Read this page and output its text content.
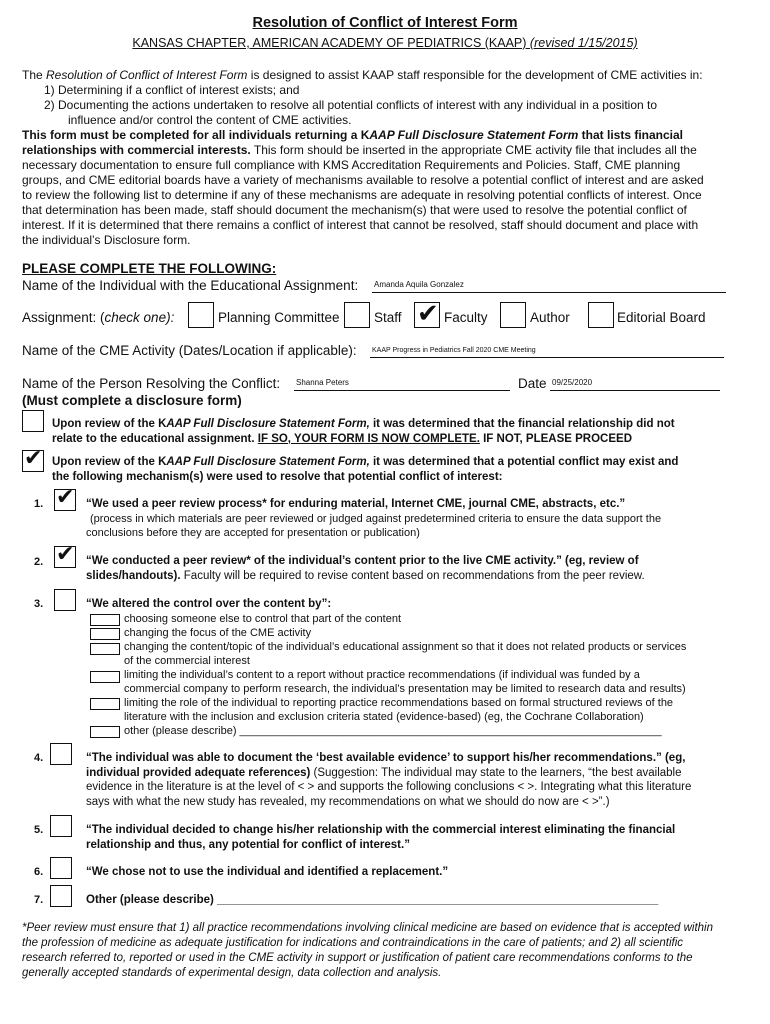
Resolution of Conflict of Interest Form
KANSAS CHAPTER, AMERICAN ACADEMY OF PEDIATRICS (KAAP) (revised 1/15/2015)
The Resolution of Conflict of Interest Form is designed to assist KAAP staff responsible for the development of CME activities in:
1) Determining if a conflict of interest exists; and
2) Documenting the actions undertaken to resolve all potential conflicts of interest with any individual in a position to
influence and/or control the content of CME activities.
This form must be completed for all individuals returning a KAAP Full Disclosure Statement Form that lists financial
relationships with commercial interests. This form should be inserted in the appropriate CME activity file that includes all the
necessary documentation to ensure full compliance with KMS Accreditation Requirements and Policies. Staff, CME planning
groups, and CME editorial boards have a variety of mechanisms available to resolve a potential conflict of interest and are asked
to review the following list to determine if any of these mechanisms are adequate in resolving potential conflicts of interest. Once
that determination has been made, staff should document the mechanism(s) that were used to resolve the potential conflict of
interest. If it is determined that there remains a conflict of interest that cannot be resolved, staff should document and place with
the individual’s Disclosure form.
PLEASE COMPLETE THE FOLLOWING:
Name of the Individual with the Educational Assignment: Amanda Aquila Gonzalez
Assignment: (check one):	Planning Committee	Staff ✔ Faculty	Author	Editorial Board
Name of the CME Activity (Dates/Location if applicable): KAAP Progress in Pediatrics Fall 2020 CME Meeting
Name of the Person Resolving the Conflict: Shanna Peters	Date 09/25/2020
(Must complete a disclosure form)
Upon review of the KAAP Full Disclosure Statement Form, it was determined that the financial relationship did not
relate to the educational assignment. IF SO, YOUR FORM IS NOW COMPLETE. IF NOT, PLEASE PROCEED
✔ Upon review of the KAAP Full Disclosure Statement Form, it was determined that a potential conflict may exist and
the following mechanism(s) were used to resolve that potential conflict of interest:
1. ✔ “We used a peer review process* for enduring material, Internet CME, journal CME, abstracts, etc.”
(process in which materials are peer reviewed or judged against predetermined criteria to ensure the data support the
conclusions before they are accepted for presentation or publication)
2. ✔ “We conducted a peer review* of the individual’s content prior to the live CME activity.” (eg, review of
slides/handouts). Faculty will be required to revise content based on recommendations from the peer review.
3.	“We altered the control over the content by”:
choosing someone else to control that part of the content
changing the focus of the CME activity
changing the content/topic of the individual’s educational assignment so that it does not related products or services
of the commercial interest
limiting the individual’s content to a report without practice recommendations (if individual was funded by a
commercial company to perform research, the individual’s presentation may be limited to research data and results)
limiting the role of the individual to reporting practice recommendations based on formal structured reviews of the
literature with the inclusion and exclusion criteria stated (evidence-based) (eg, the Cochrane Collaboration)
other (please describe) _____________________________________________________________________
4.	“The individual was able to document the ‘best available evidence’ to support his/her recommendations.” (eg,
individual provided adequate references) (Suggestion: The individual may state to the learners, “the best available
evidence in the literature is at the level of < > and supports the following conclusions < >. Integrating what this literature
says with what the new study has revealed, my recommendations on what we should do now are < >”.)
5.	“The individual decided to change his/her relationship with the commercial interest eliminating the financial
relationship and thus, any potential for conflict of interest.”
6.	“We chose not to use the individual and identified a replacement.”
7.	Other (please describe) _____________________________________________________________________
*Peer review must ensure that 1) all practice recommendations involving clinical medicine are based on evidence that is accepted within
the profession of medicine as adequate justification for indications and contraindications in the care of patients; and 2) all scientific
research referred to, reported or used in the CME activity in support or justification of patient care recommendations conforms to the
generally accepted standards of experimental design, data collection and analysis.
